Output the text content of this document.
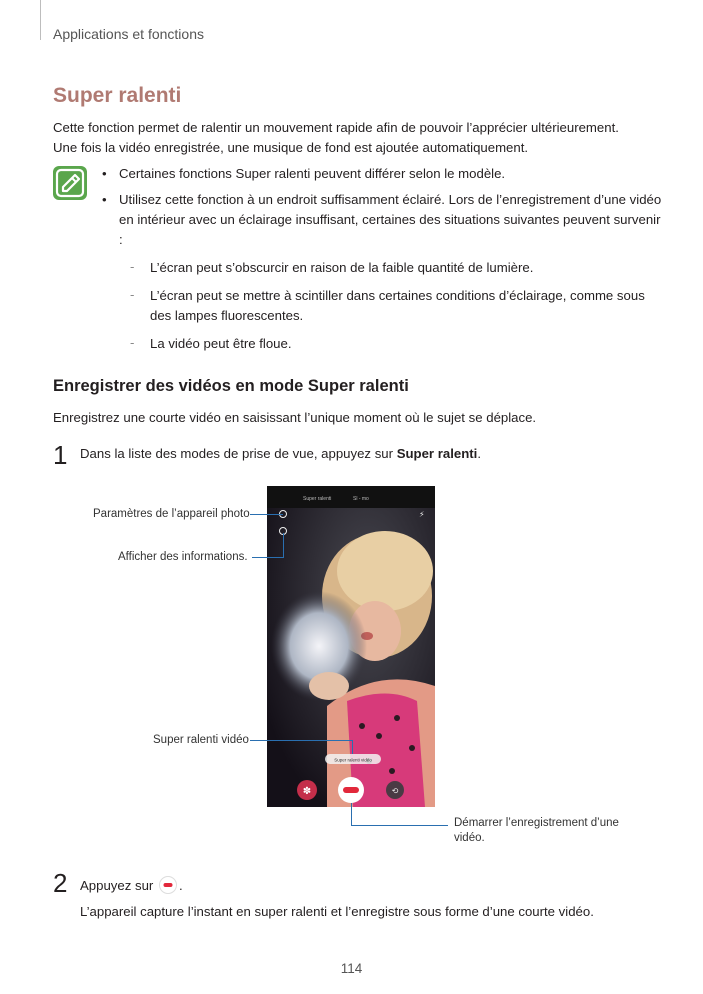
Applications et fonctions
Super ralenti
Cette fonction permet de ralentir un mouvement rapide afin de pouvoir l’apprécier ultérieurement.
Une fois la vidéo enregistrée, une musique de fond est ajoutée automatiquement.
• Certaines fonctions Super ralenti peuvent différer selon le modèle.
• Utilisez cette fonction à un endroit suffisamment éclairé. Lors de l’enregistrement d’une vidéo en intérieur avec un éclairage insuffisant, certaines des situations suivantes peuvent survenir :
- L’écran peut s’obscurcir en raison de la faible quantité de lumière.
- L’écran peut se mettre à scintiller dans certaines conditions d’éclairage, comme sous des lampes fluorescentes.
- La vidéo peut être floue.
Enregistrer des vidéos en mode Super ralenti
Enregistrez une courte vidéo en saisissant l’unique moment où le sujet se déplace.
1 Dans la liste des modes de prise de vue, appuyez sur Super ralenti.
Super ralenti	Sl - mo
⚡
Super ralenti vidéo
✽	⟲
Paramètres de l’appareil photo
Afficher des informations.
Super ralenti vidéo
Démarrer l’enregistrement d’une vidéo.
2 Appuyez sur .
L’appareil capture l’instant en super ralenti et l’enregistre sous forme d’une courte vidéo.
114
